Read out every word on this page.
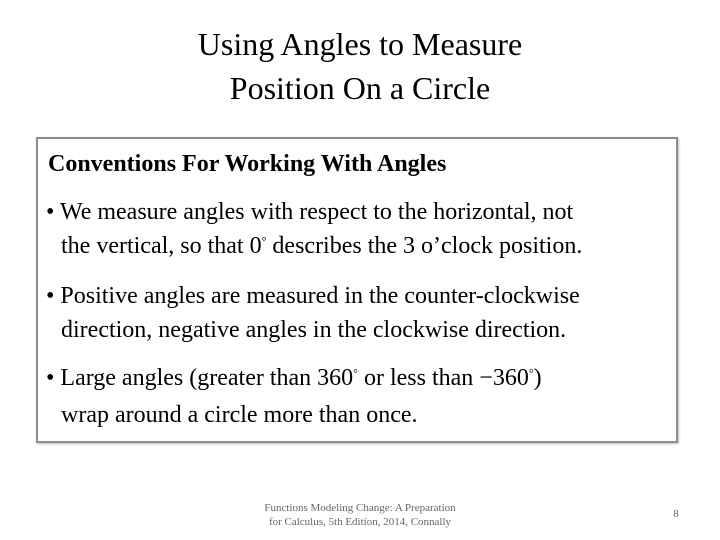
Using Angles to Measure
Position On a Circle
Conventions For Working With Angles
• We measure angles with respect to the horizontal, not
the vertical, so that 0° describes the 3 o’clock position.
• Positive angles are measured in the counter-clockwise
direction, negative angles in the clockwise direction.
• Large angles (greater than 360° or less than −360°)
wrap around a circle more than once.
Functions Modeling Change: A Preparation
for Calculus, 5th Edition, 2014, Connally
8
